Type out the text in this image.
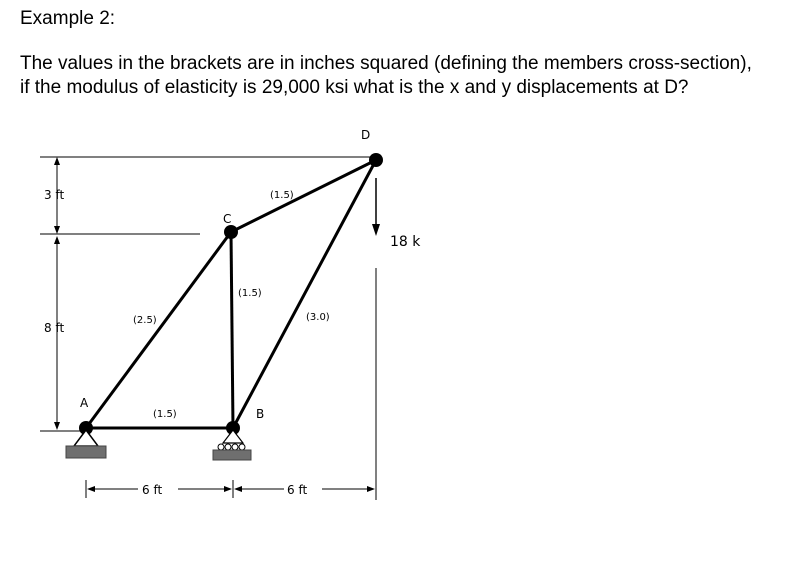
Example 2:
The values in the brackets are in inches squared (defining the members cross-section),
if the modulus of elasticity is 29,000 ksi what is the x and y displacements at D?
3 ft
8 ft
(1.5)
(1.5)
(2.5)	(3.0)
(1.5)
A
B
C
D
18 k
6 ft	6 ft
